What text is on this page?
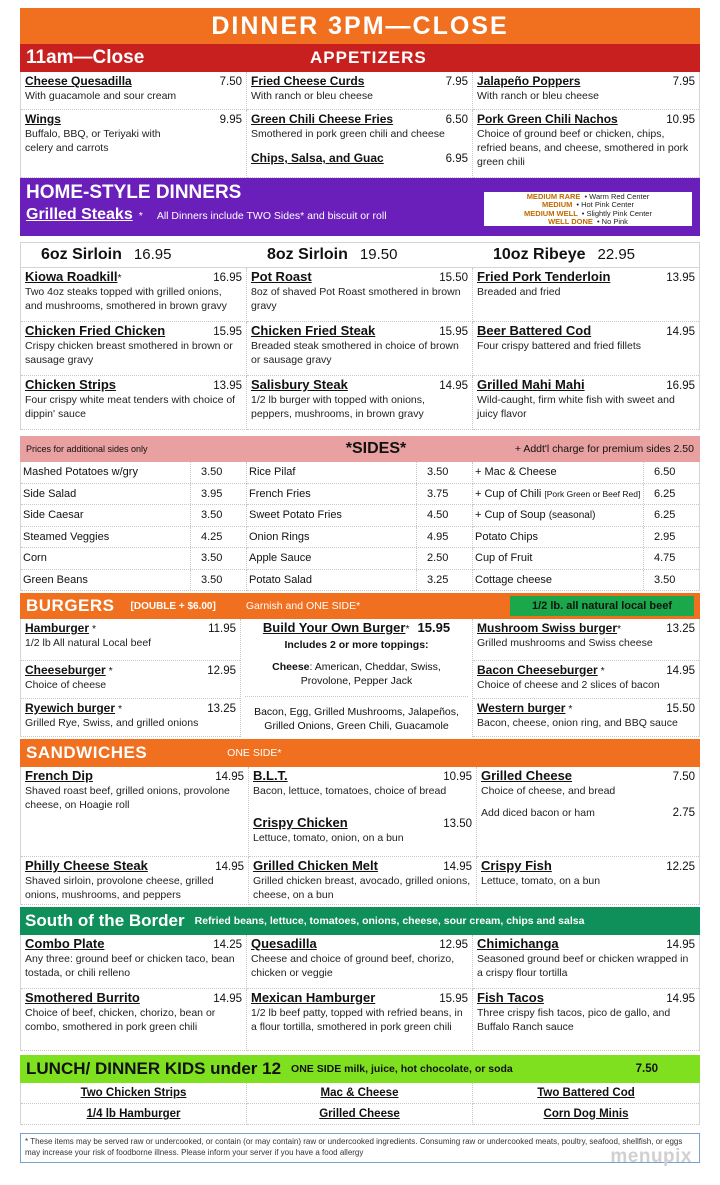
DINNER 3PM—CLOSE
11am—Close	APPETIZERS
Cheese Quesadilla	7.50
With guacamole and sour cream
Fried Cheese Curds	7.95
With ranch or bleu cheese
Jalapeño Poppers	7.95
With ranch or bleu cheese
Wings	9.95
Buffalo, BBQ, or Teriyaki with celery and carrots
Green Chili Cheese Fries	6.50
Smothered in pork green chili and cheese
Chips, Salsa, and Guac	6.95
Pork Green Chili Nachos	10.95
Choice of ground beef or chicken, chips, refried beans, and cheese, smothered in pork green chili
HOME-STYLE DINNERS
Grilled Steaks * All Dinners include TWO Sides* and biscuit or roll
MEDIUM RARE • Warm Red Center
MEDIUM • Hot Pink Center
MEDIUM WELL • Slightly Pink Center
WELL DONE • No Pink
6oz Sirloin 16.95	8oz Sirloin 19.50	10oz Ribeye 22.95
Kiowa Roadkill*	16.95
Two 4oz steaks topped with grilled onions, and mushrooms, smothered in brown gravy
Pot Roast	15.50
8oz of shaved Pot Roast smothered in brown gravy
Fried Pork Tenderloin	13.95
Breaded and fried
Chicken Fried Chicken	15.95
Crispy chicken breast smothered in brown or sausage gravy
Chicken Fried Steak	15.95
Breaded steak smothered in choice of brown or sausage gravy
Beer Battered Cod	14.95
Four crispy battered and fried fillets
Chicken Strips	13.95
Four crispy white meat tenders with choice of dippin' sauce
Salisbury Steak	14.95
1/2 lb burger with topped with onions, peppers, mushrooms, in brown gravy
Grilled Mahi Mahi	16.95
Wild-caught, firm white fish with sweet and juicy flavor
Prices for additional sides only	*SIDES*	+ Addt'l charge for premium sides 2.50
Mashed Potatoes w/gry	3.50	Rice Pilaf	3.50	+ Mac & Cheese	6.50
Side Salad	3.95	French Fries	3.75	+ Cup of Chili [Pork Green or Beef Red]	6.25
Side Caesar	3.50	Sweet Potato Fries	4.50	+ Cup of Soup (seasonal)	6.25
Steamed Veggies	4.25	Onion Rings	4.95	Potato Chips	2.95
Corn	3.50	Apple Sauce	2.50	Cup of Fruit	4.75
Green Beans	3.50	Potato Salad	3.25	Cottage cheese	3.50
BURGERS [DOUBLE + $6.00]	Garnish and ONE SIDE*	1/2 lb. all natural local beef
Hamburger *	11.95
1/2 lb All natural Local beef
Cheeseburger *	12.95
Choice of cheese
Ryewich burger *	13.25
Grilled Rye, Swiss, and grilled onions
Build Your Own Burger* 15.95
Includes 2 or more toppings:
Cheese: American, Cheddar, Swiss, Provolone, Pepper Jack
Bacon, Egg, Grilled Mushrooms, Jalapeños, Grilled Onions, Green Chili, Guacamole
Mushroom Swiss burger*	13.25
Grilled mushrooms and Swiss cheese
Bacon Cheeseburger *	14.95
Choice of cheese and 2 slices of bacon
Western burger *	15.50
Bacon, cheese, onion ring, and BBQ sauce
SANDWICHES	ONE SIDE*
French Dip	14.95
Shaved roast beef, grilled onions, provolone cheese, on Hoagie roll
B.L.T.	10.95
Bacon, lettuce, tomatoes, choice of bread
Crispy Chicken	13.50
Lettuce, tomato, onion, on a bun
Grilled Cheese	7.50
Choice of cheese, and bread
Add diced bacon or ham	2.75
Philly Cheese Steak	14.95
Shaved sirloin, provolone cheese, grilled onions, mushrooms, and peppers
Grilled Chicken Melt	14.95
Grilled chicken breast, avocado, grilled onions, cheese, on a bun
Crispy Fish	12.25
Lettuce, tomato, on a bun
South of the Border Refried beans, lettuce, tomatoes, onions, cheese, sour cream, chips and salsa
Combo Plate	14.25
Any three: ground beef or chicken taco, bean tostada, or chili relleno
Quesadilla	12.95
Cheese and choice of ground beef, chorizo, chicken or veggie
Chimichanga	14.95
Seasoned ground beef or chicken wrapped in a crispy flour tortilla
Smothered Burrito	14.95
Choice of beef, chicken, chorizo, bean or combo, smothered in pork green chili
Mexican Hamburger	15.95
1/2 lb beef patty, topped with refried beans, in a flour tortilla, smothered in pork green chili
Fish Tacos	14.95
Three crispy fish tacos, pico de gallo, and Buffalo Ranch sauce
LUNCH/ DINNER KIDS under 12 ONE SIDE milk, juice, hot chocolate, or soda	7.50
Two Chicken Strips	Mac & Cheese	Two Battered Cod
1/4 lb Hamburger	Grilled Cheese	Corn Dog Minis
* These items may be served raw or undercooked, or contain (or may contain) raw or undercooked ingredients. Consuming raw or undercooked meats, poultry, seafood, shellfish, or eggs may increase your risk of foodborne illness. Please inform your server if you have a food allergy	menupix
